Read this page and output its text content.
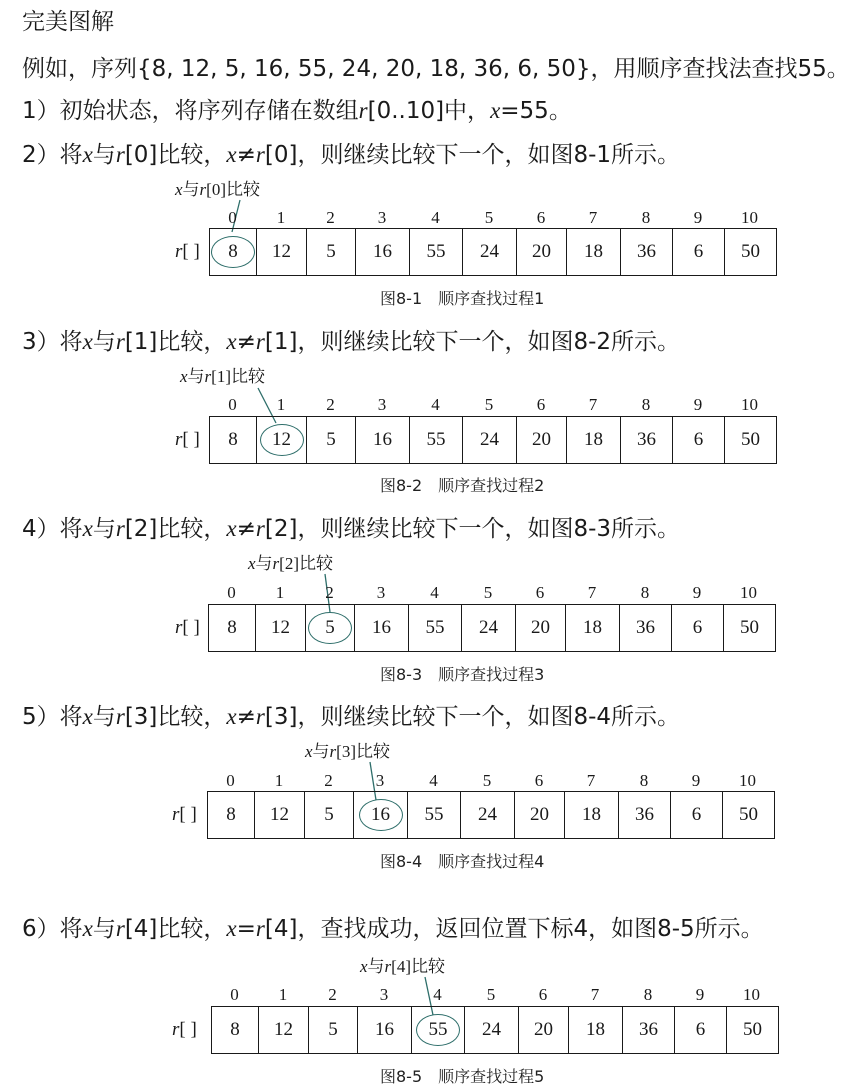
完美图解

例如，序列{8, 12, 5, 16, 55, 24, 20, 18, 36, 6, 50}，用顺序查找法查找55。

1）初始状态，将序列存储在数组r[0..10]中，x=55。

2）将x与r[0]比较，x≠r[0]，则继续比较下一个，如图8-1所示。

x与r[0]比较
0	1	2	3	4	5	6	7	8	9	10
r[ ] 8 12 5 16 55 24 20 18 36 6 50
图8-1　顺序查找过程1

3）将x与r[1]比较，x≠r[1]，则继续比较下一个，如图8-2所示。

x与r[1]比较
0	1	2	3	4	5	6	7	8	9	10
r[ ] 8 12 5 16 55 24 20 18 36 6 50
图8-2　顺序查找过程2

4）将x与r[2]比较，x≠r[2]，则继续比较下一个，如图8-3所示。

x与r[2]比较
0	1	2	3	4	5	6	7	8	9	10
r[ ] 8 12 5 16 55 24 20 18 36 6 50
图8-3　顺序查找过程3

5）将x与r[3]比较，x≠r[3]，则继续比较下一个，如图8-4所示。

x与r[3]比较
0	1	2	3	4	5	6	7	8	9	10
r[ ] 8 12 5 16 55 24 20 18 36 6 50
图8-4　顺序查找过程4

6）将x与r[4]比较，x=r[4]，查找成功，返回位置下标4，如图8-5所示。

x与r[4]比较
0	1	2	3	4	5	6	7	8	9	10
r[ ] 8 12 5 16 55 24 20 18 36 6 50
图8-5　顺序查找过程5
